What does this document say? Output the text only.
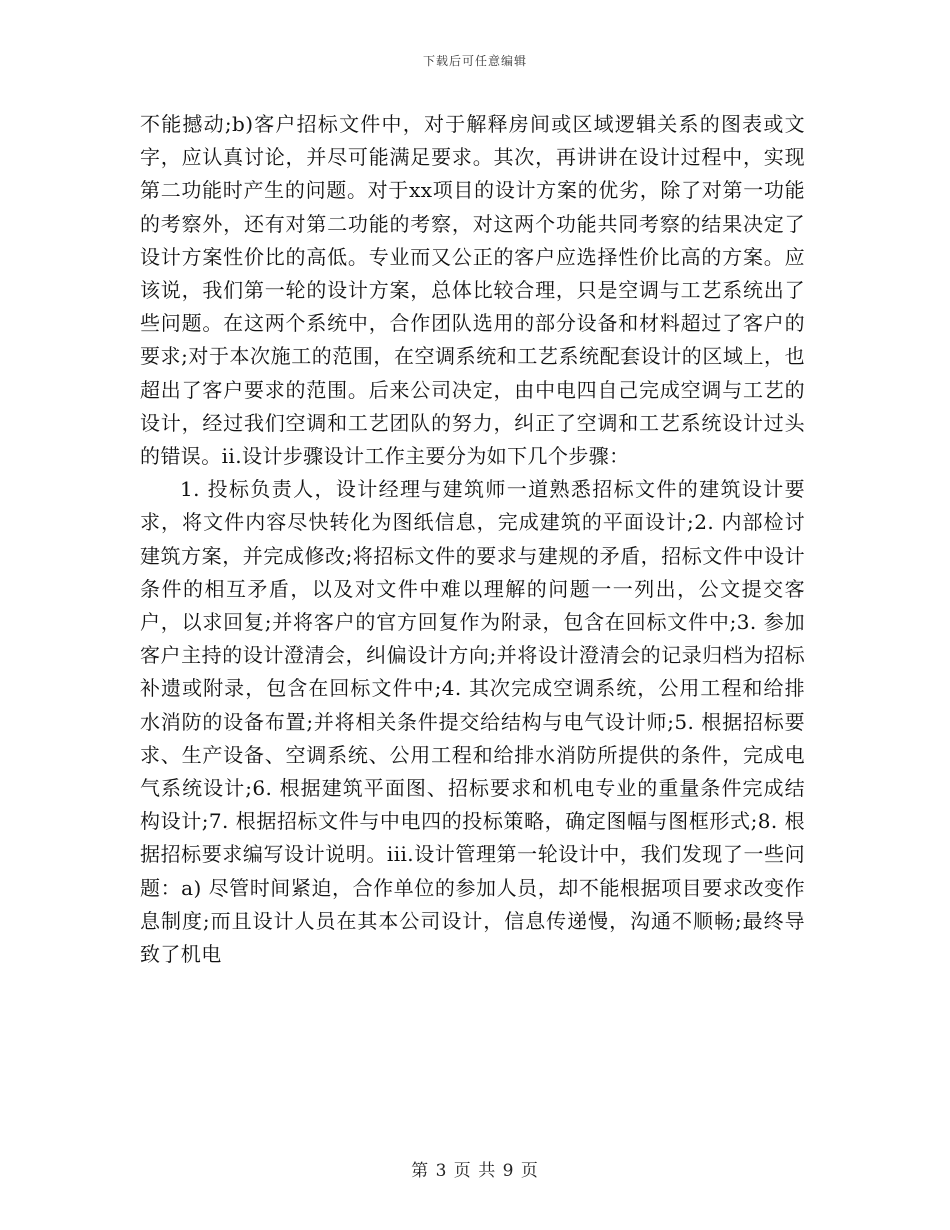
下载后可任意编辑

不能撼动;b)客户招标文件中，对于解释房间或区域逻辑关系的图表或文字，应认真讨论，并尽可能满足要求。其次，再讲讲在设计过程中，实现第二功能时产生的问题。对于xx项目的设计方案的优劣，除了对第一功能的考察外，还有对第二功能的考察，对这两个功能共同考察的结果决定了设计方案性价比的高低。专业而又公正的客户应选择性价比高的方案。应该说，我们第一轮的设计方案，总体比较合理，只是空调与工艺系统出了些问题。在这两个系统中，合作团队选用的部分设备和材料超过了客户的要求;对于本次施工的范围，在空调系统和工艺系统配套设计的区域上，也超出了客户要求的范围。后来公司决定，由中电四自己完成空调与工艺的设计，经过我们空调和工艺团队的努力，纠正了空调和工艺系统设计过头的错误。ii.设计步骤设计工作主要分为如下几个步骤：

1. 投标负责人，设计经理与建筑师一道熟悉招标文件的建筑设计要求，将文件内容尽快转化为图纸信息，完成建筑的平面设计;2. 内部检讨建筑方案，并完成修改;将招标文件的要求与建规的矛盾，招标文件中设计条件的相互矛盾，以及对文件中难以理解的问题一一列出，公文提交客户，以求回复;并将客户的官方回复作为附录，包含在回标文件中;3. 参加客户主持的设计澄清会，纠偏设计方向;并将设计澄清会的记录归档为招标补遗或附录，包含在回标文件中;4. 其次完成空调系统，公用工程和给排水消防的设备布置;并将相关条件提交给结构与电气设计师;5. 根据招标要求、生产设备、空调系统、公用工程和给排水消防所提供的条件，完成电气系统设计;6. 根据建筑平面图、招标要求和机电专业的重量条件完成结构设计;7. 根据招标文件与中电四的投标策略，确定图幅与图框形式;8. 根据招标要求编写设计说明。iii.设计管理第一轮设计中，我们发现了一些问题：a) 尽管时间紧迫，合作单位的参加人员，却不能根据项目要求改变作息制度;而且设计人员在其本公司设计，信息传递慢，沟通不顺畅;最终导致了机电

第 3 页 共 9 页
